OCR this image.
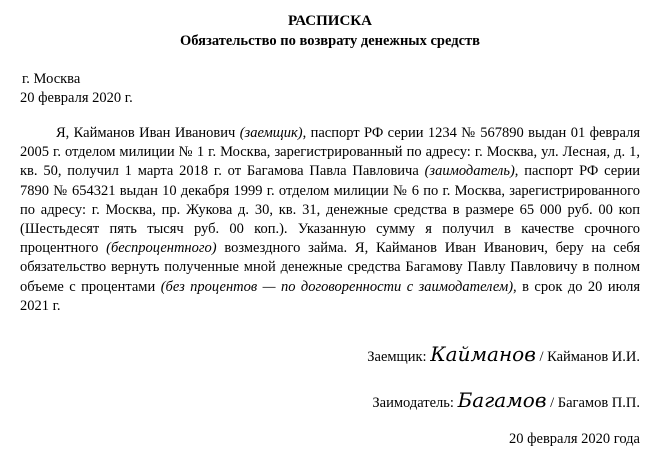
РАСПИСКА
Обязательство по возврату денежных средств
г. Москва
20 февраля 2020 г.
Я, Кайманов Иван Иванович (заемщик), паспорт РФ серии 1234 № 567890 выдан 01 февраля 2005 г. отделом милиции № 1 г. Москва, зарегистрированный по адресу: г. Москва, ул. Лесная, д. 1, кв. 50, получил 1 марта 2018 г. от Багамова Павла Павловича (заимодатель), паспорт РФ серии 7890 № 654321 выдан 10 декабря 1999 г. отделом милиции № 6 по г. Москва, зарегистрированного по адресу: г. Москва, пр. Жукова д. 30, кв. 31, денежные средства в размере 65 000 руб. 00 коп (Шестьдесят пять тысяч руб. 00 коп.). Указанную сумму я получил в качестве срочного процентного (беспроцентного) возмездного займа. Я, Кайманов Иван Иванович, беру на себя обязательство вернуть полученные мной денежные средства Багамову Павлу Павловичу в полном объеме с процентами (без процентов — по договоренности с заимодателем), в срок до 20 июля 2021 г.
Заемщик: Кайманов / Кайманов И.И.
Заимодатель: Багамов / Багамов П.П.
20 февраля 2020 года
